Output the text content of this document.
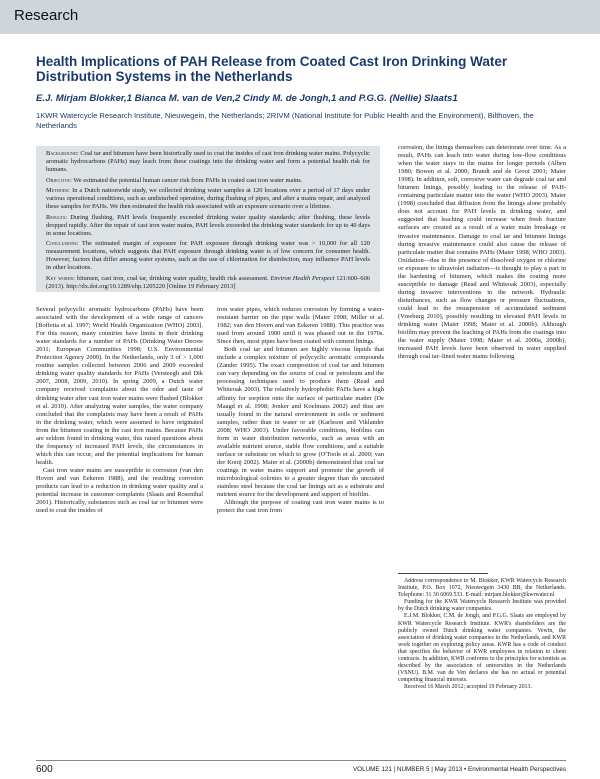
Research
Health Implications of PAH Release from Coated Cast Iron Drinking Water Distribution Systems in the Netherlands
E.J. Mirjam Blokker,1 Bianca M. van de Ven,2 Cindy M. de Jongh,1 and P.G.G. (Nellie) Slaats1
1KWR Watercycle Research Institute, Nieuwegein, the Netherlands; 2RIVM (National Institute for Public Health and the Environment), Bilthoven, the Netherlands

Background: Coal tar and bitumen have been historically used to coat the insides of cast iron drinking water mains. Polycyclic aromatic hydrocarbons (PAHs) may leach from these coatings into the drinking water and form a potential health risk for humans.

Objective: We estimated the potential human cancer risk from PAHs in coated cast iron water mains.

Methods: In a Dutch nationwide study, we collected drinking water samples at 120 locations over a period of 17 days under various operational conditions, such as undisturbed operation, during flushing of pipes, and after a mains repair, and analyzed these samples for PAHs. We then estimated the health risk associated with an exposure scenario over a lifetime.

Results: During flushing, PAH levels frequently exceeded drinking water quality standards; after flushing, these levels dropped rapidly. After the repair of cast iron water mains, PAH levels exceeded the drinking water standards for up to 40 days in some locations.

Conclusions: The estimated margin of exposure for PAH exposure through drinking water was > 10,000 for all 120 measurement locations, which suggests that PAH exposure through drinking water is of low concern for consumer health. However, factors that differ among water systems, such as the use of chlorination for disinfection, may influence PAH levels in other locations.

Key words: bitumen, cast iron, coal tar, drinking water quality, health risk assessment. Environ Health Perspect 121:600–606 (2013). http://dx.doi.org/10.1289/ehp.1205220 [Online 19 February 2013]

corrosion, the linings themselves can deteriorate over time. As a result, PAHs can leach into water during low-flow conditions when the water stays in the mains for longer periods (Alben 1980; Bowen et al. 2000; Brandt and de Groot 2001; Maier 1998). In addition, soft, corrosive water can degrade coal tar and bitumen linings, possibly leading to the release of PAH-containing particulate matter into the water (WHO 2003). Maier (1998) concluded that diffusion from the linings alone probably does not account for PAH levels in drinking water, and suggested that leaching could increase when fresh fracture surfaces are created as a result of a water main breakage or invasive maintenance. Damage to coal tar and bitumen linings during invasive maintenance could also cause the release of particulate matter that contains PAHs (Maier 1998; WHO 2003). Oxidation—due to the presence of dissolved oxygen or chlorine or exposure to ultraviolet radiation—is thought to play a part in the hardening of bitumen, which makes the coating more susceptible to damage (Read and Whiteoak 2003), especially during invasive interventions in the network. Hydraulic disturbances, such as flow changes or pressure fluctuations, could lead to the resuspension of accumulated sediment (Vreeburg 2010), possibly resulting in elevated PAH levels in drinking water (Maier 1998; Maier et al. 2000b). Although biofilm may prevent the leaching of PAHs from the coatings into the water supply (Maier 1998; Maier et al. 2000a, 2000b), increased PAH levels have been observed in water supplied through coal tar–lined water mains following

Several polycyclic aromatic hydrocarbons (PAHs) have been associated with the development of a wide range of cancers [Boffetta et al. 1997; World Health Organization (WHO) 2003]. For this reason, many countries have limits in their drinking water standards for a number of PAHs (Drinking Water Decree 2011; European Communities 1998; U.S. Environmental Protection Agency 2009). In the Netherlands, only 3 of > 1,000 routine samples collected between 2006 and 2009 exceeded drinking water quality standards for PAHs (Versteegh and Dik 2007, 2008, 2009, 2010). In spring 2009, a Dutch water company received complaints about the odor and taste of drinking water after cast iron water mains were flushed (Blokker et al. 2010). After analyzing water samples, the water company concluded that the complaints may have been a result of PAHs in the drinking water, which were assumed to have originated from the bitumen coating in the cast iron mains. Because PAHs are seldom found in drinking water, this raised questions about the frequency of increased PAH levels, the circumstances in which this can occur, and the potential implications for human health.

Cast iron water mains are susceptible to corrosion (van den Hoven and van Eekeren 1988), and the resulting corrosion products can lead to a reduction in drinking water quality and a potential increase in customer complaints (Slaats and Rosenthal 2001). Historically, substances such as coal tar or bitumen were used to coat the insides of

iron water pipes, which reduces corrosion by forming a water-resistant barrier on the pipe walls (Maier 1998; Miller et al. 1982; van den Hoven and van Eekeren 1988). This practice was used from around 1900 until it was phased out in the 1970s. Since then, most pipes have been coated with cement linings.

Both coal tar and bitumen are highly viscous liquids that include a complex mixture of polycyclic aromatic compounds (Zander 1995). The exact composition of coal tar and bitumen can vary depending on the source of coal or petroleum and the processing techniques used to produce them (Read and Whiteoak 2003). The relatively hydrophobic PAHs have a high affinity for sorption onto the surface of particulate matter (De Maagd et al. 1998; Jonker and Koelmans 2002) and thus are usually found in the natural environment in soils or sediment samples, rather than in water or air (Karlsson and Viklander 2008; WHO 2003). Under favorable conditions, biofilms can form in water distribution networks, such as areas with an available nutrient source, stable flow conditions, and a suitable surface or substrate on which to grow (O'Toole et al. 2000; van der Kooij 2002). Maier et al. (2000b) demonstrated that coal tar coatings in water mains support and promote the growth of microbiological colonies to a greater degree than do uncoated stainless steel because the coal tar linings act as a substrate and nutrient source for the development and support of biofilm.

Although the purpose of coating cast iron water mains is to protect the cast iron from

Address correspondence to M. Blokker, KWR Watercycle Research Institute, P.O. Box 1072, Nieuwegein 3430 BB, the Netherlands. Telephone: 31 30 6069 533. E-mail: mirjam.blokker@kwrwater.nl

Funding for the KWR Watercycle Research Institute was provided by the Dutch drinking water companies.

E.J.M. Blokker, C.M. de Jongh, and P.G.G. Slaats are employed by KWR Watercycle Research Institute. KWR's shareholders are the publicly owned Dutch drinking water companies. Vewin, the association of drinking water companies in the Netherlands, and KWR work together on exploring policy areas. KWR has a code of conduct that specifies the behavior of KWR employees in relation to client contracts. In addition, KWR conforms to the principles for scientists as described by the association of universities in the Netherlands (VSNU). B.M. van de Ven declares she has no actual or potential competing financial interests.

Received 16 March 2012; accepted 19 February 2013.

600	VOLUME 121 | NUMBER 5 | May 2013 • Environmental Health Perspectives
